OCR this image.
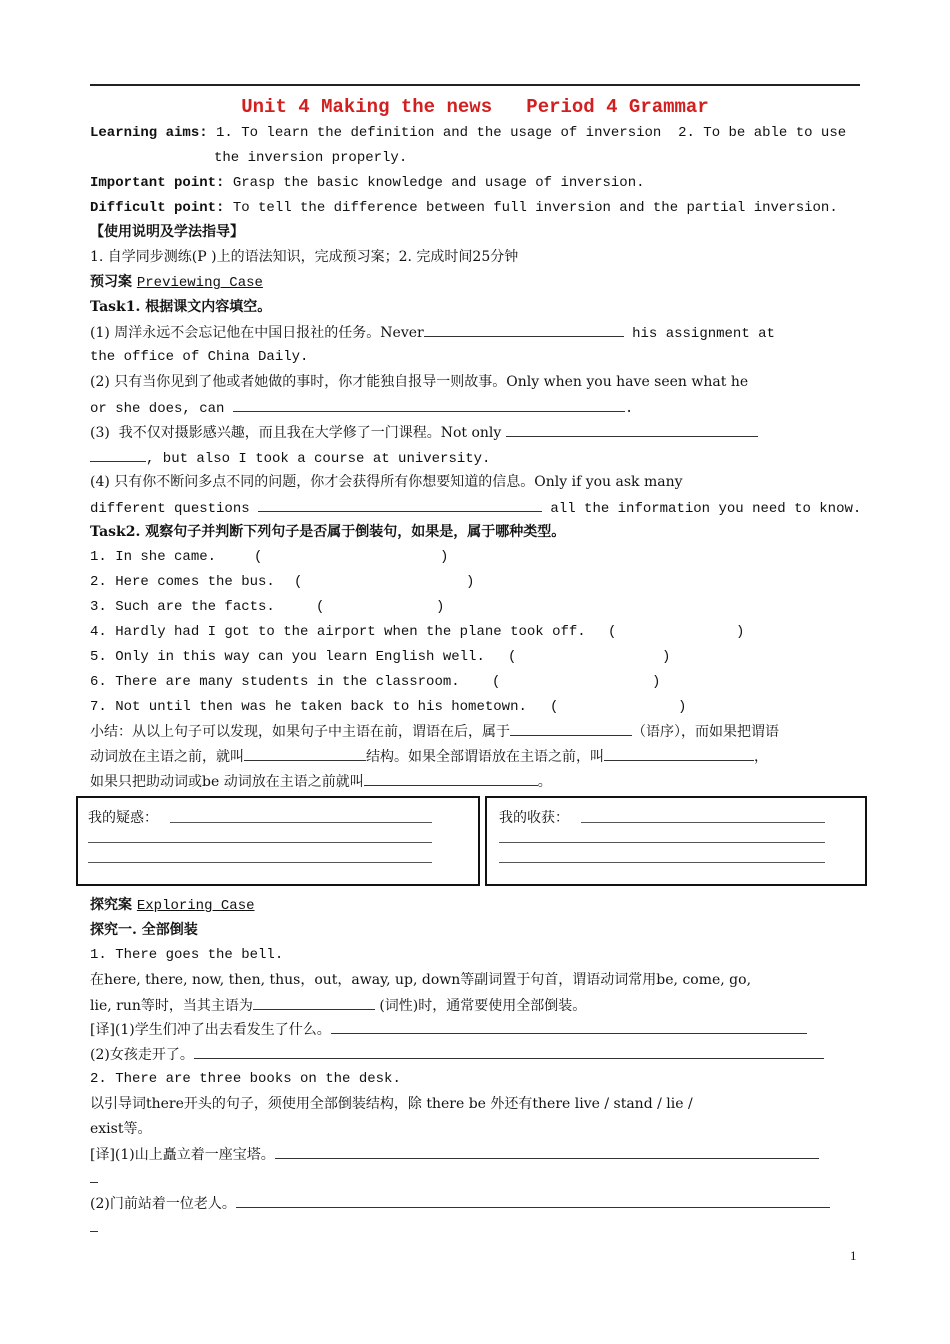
Unit 4 Making the news   Period 4 Grammar
Learning aims: 1. To learn the definition and the usage of inversion  2. To be able to use
the inversion properly.
Important point: Grasp the basic knowledge and usage of inversion.
Difficult point: To tell the difference between full inversion and the partial inversion.
【使用说明及学法指导】
1. 自学同步测练(P )上的语法知识，完成预习案；2. 完成时间25分钟
预习案 Previewing Case
Task1. 根据课文内容填空。
(1) 周洋永远不会忘记他在中国日报社的任务。Never	his assignment at
the office of China Daily.
(2) 只有当你见到了他或者她做的事时，你才能独自报导一则故事。Only when you have seen what he
or she does, can	.
(3)  我不仅对摄影感兴趣，而且我在大学修了一门课程。Not only
, but also I took a course at university.
(4) 只有你不断问多点不同的问题，你才会获得所有你想要知道的信息。Only if you ask many
different questions	all the information you need to know.
Task2. 观察句子并判断下列句子是否属于倒装句，如果是，属于哪种类型。
1. In she came.	(	)
2. Here comes the bus. (	)
3. Such are the facts.	(	)
4. Hardly had I got to the airport when the plane took off. (	)
5. Only in this way can you learn English well. (	)
6. There are many students in the classroom. (	)
7. Not until then was he taken back to his hometown. (	)
小结：从以上句子可以发现，如果句子中主语在前，谓语在后，属于	（语序），而如果把谓语
动词放在主语之前，就叫	结构。如果全部谓语放在主语之前，叫	，
如果只把助动词或be 动词放在主语之前就叫	。
我的疑惑：	我的收获：
探究案 Exploring Case
探究一. 全部倒装
1. There goes the bell.
在here, there, now, then, thus，out，away, up, down等副词置于句首，谓语动词常用be, come, go,
lie, run等时，当其主语为	(词性)时，通常要使用全部倒装。
[译](1)学生们冲了出去看发生了什么。
(2)女孩走开了。
2. There are three books on the desk.
以引导词there开头的句子，须使用全部倒装结构，除 there be 外还有there live / stand / lie /
exist等。
[译](1)山上矗立着一座宝塔。
(2)门前站着一位老人。
1
